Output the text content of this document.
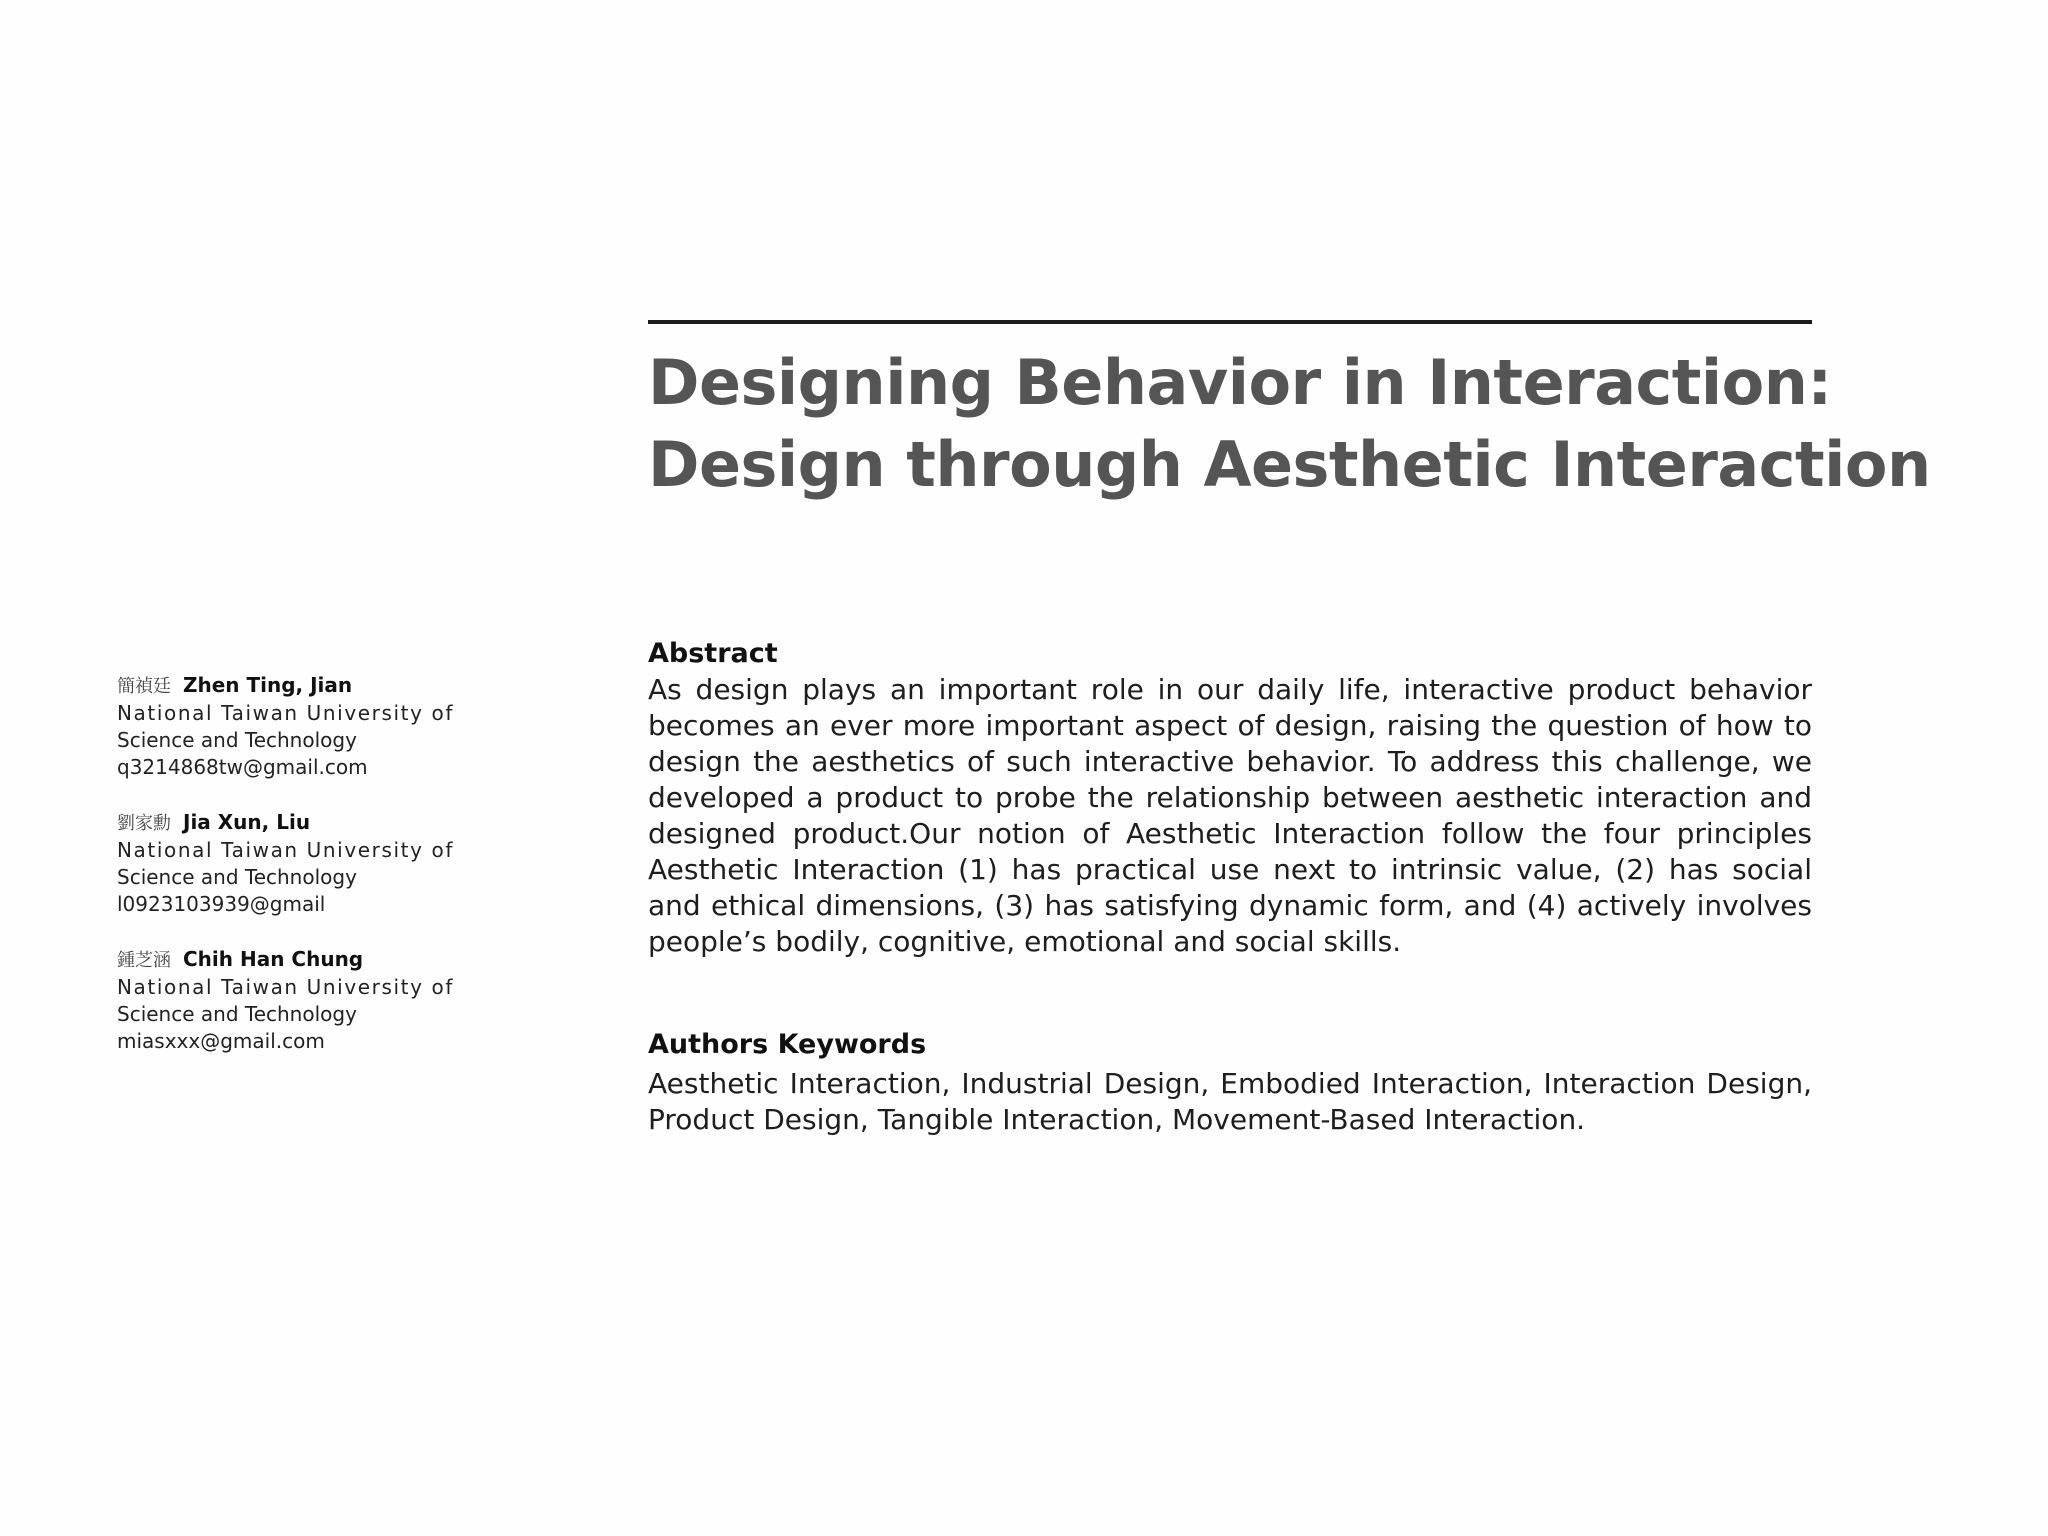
Designing Behavior in Interaction:
Design through Aesthetic Interaction
簡禎廷 Zhen Ting, Jian
National Taiwan University of
Science and Technology
q3214868tw@gmail.com
劉家勳 Jia Xun, Liu
National Taiwan University of
Science and Technology
l0923103939@gmail
鍾芝涵 Chih Han Chung
National Taiwan University of
Science and Technology
miasxxx@gmail.com
Abstract
As design plays an important role in our daily life, interactive product behavior
becomes an ever more important aspect of design, raising the question of how to
design the aesthetics of such interactive behavior. To address this challenge, we
developed a product to probe the relationship between aesthetic interaction and
designed product.Our notion of Aesthetic Interaction follow the four principles
Aesthetic Interaction (1) has practical use next to intrinsic value, (2) has social
and ethical dimensions, (3) has satisfying dynamic form, and (4) actively involves
people’s bodily, cognitive, emotional and social skills.
Authors Keywords
Aesthetic Interaction, Industrial Design, Embodied Interaction, Interaction Design,
Product Design, Tangible Interaction, Movement-Based Interaction.
